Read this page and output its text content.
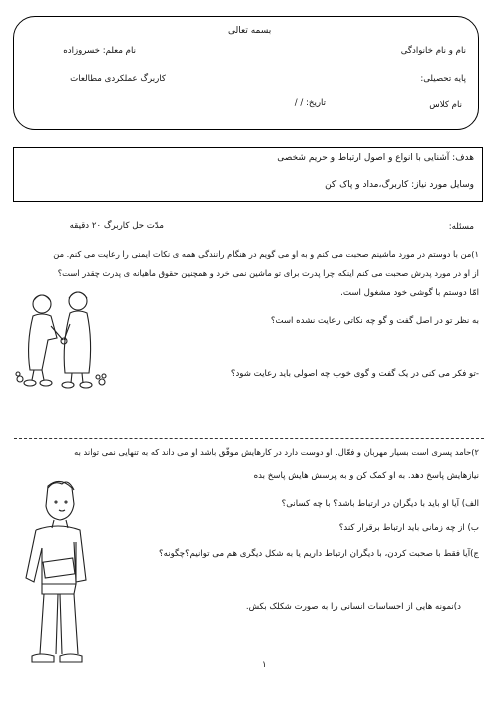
بسمه تعالی
نام و نام خانوادگی
نام معلم: خسروزاده
پایه تحصیلی:
کاربرگ عملکردی مطالعات
نام کلاس
تاریخ: / /
هدف: آشنایی با انواع و اصول ارتباط و حریم شخصی
وسایل مورد نیاز: کاربرگ،مداد و پاک کن
مسئله:
مدّت حل کاربرگ ۲۰ دقیقه
۱)من با دوستم در مورد ماشینم صحبت می کنم و به او می گویم در هنگام رانندگی همه ی نکات ایمنی را رعایت می کنم. من
از او در مورد پدرش صحبت می کنم اینکه چرا پدرت برای تو ماشین نمی خرد و همچنین حقوق ماهیانه ی پدرت چقدر است؟
امّا دوستم با گوشی خود مشغول است.
به نظر تو در اصل گفت و گو چه نکاتی رعایت نشده است؟
-تو فکر می کنی در یک گفت و گوی خوب چه اصولی باید رعایت شود؟
۲)حامد پسری است بسیار مهربان و فعّال. او دوست دارد در کارهایش موفّق باشد او می داند که به تنهایی نمی تواند به
نیازهایش پاسخ دهد. به او کمک کن و به پرسش هایش پاسخ بده
الف) آیا او باید با دیگران در ارتباط باشد؟ با چه کسانی؟
ب) از چه زمانی باید ارتباط برقرار کند؟
ج)آیا فقط با صحبت کردن، با دیگران ارتباط داریم یا به شکل دیگری هم می توانیم؟چگونه؟
د)نمونه هایی از احساسات انسانی را به صورت شکلک بکش.
۱
